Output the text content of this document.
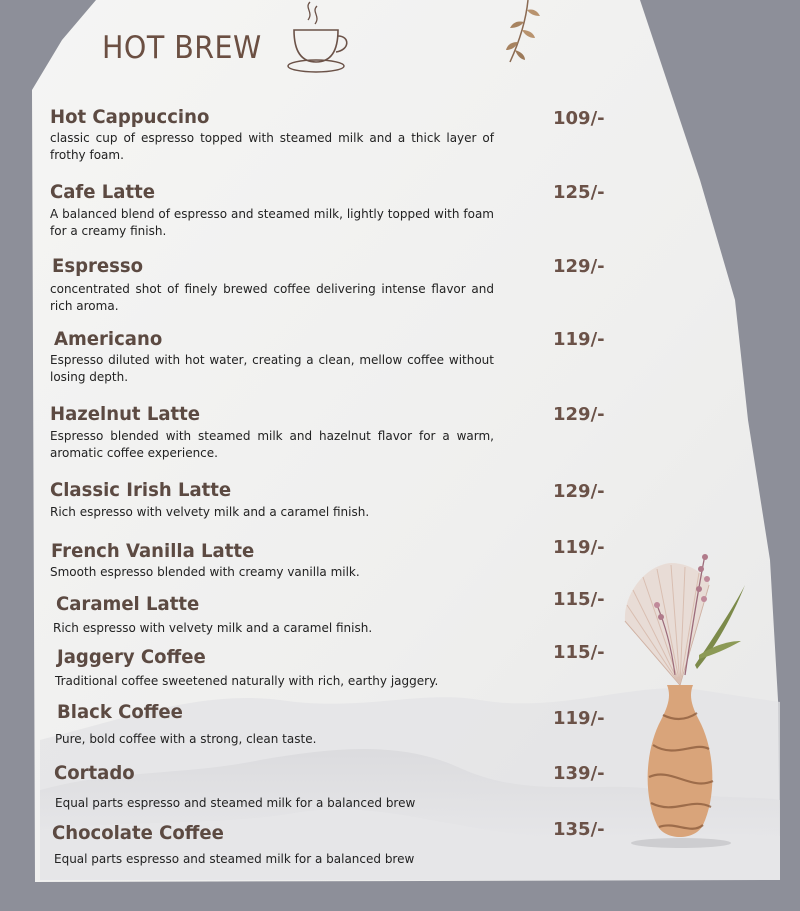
HOT BREW
Hot Cappuccino	109/-
classic cup of espresso topped with steamed milk and a thick layer of frothy foam.
Cafe Latte	125/-
A balanced blend of espresso and steamed milk, lightly topped with foam for a creamy finish.
Espresso	129/-
concentrated shot of finely brewed coffee delivering intense flavor and rich aroma.
Americano	119/-
Espresso diluted with hot water, creating a clean, mellow coffee without losing depth.
Hazelnut Latte	129/-
Espresso blended with steamed milk and hazelnut flavor for a warm, aromatic coffee experience.
Classic Irish Latte	129/-
Rich espresso with velvety milk and a caramel finish.
French Vanilla Latte	119/-
Smooth espresso blended with creamy vanilla milk.
Caramel Latte	115/-
Rich espresso with velvety milk and a caramel finish.
Jaggery Coffee	115/-
Traditional coffee sweetened naturally with rich, earthy jaggery.
Black Coffee	119/-
Pure, bold coffee with a strong, clean taste.
Cortado	139/-
Equal parts espresso and steamed milk for a balanced brew
Chocolate Coffee	135/-
Equal parts espresso and steamed milk for a balanced brew
